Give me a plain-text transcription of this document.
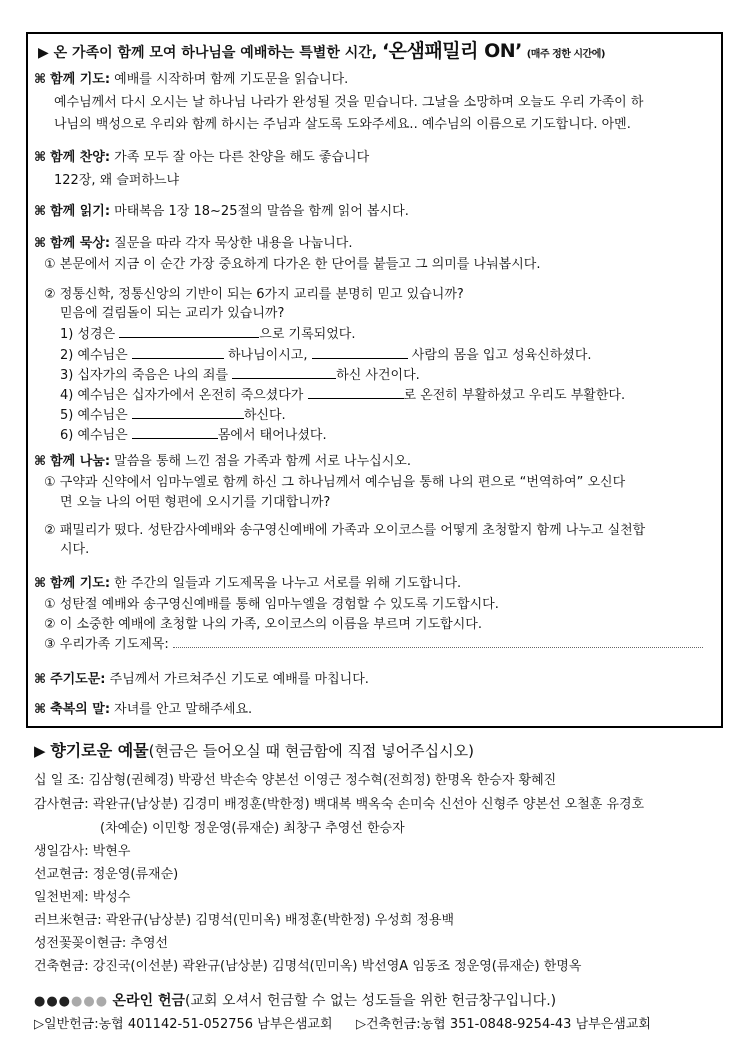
▶ 온 가족이 함께 모여 하나님을 예배하는 특별한 시간, ‘온샘패밀리 ON’ (매주 정한 시간에)
⌘ 함께 기도: 예배를 시작하며 함께 기도문을 읽습니다.
예수님께서 다시 오시는 날 하나님 나라가 완성될 것을 믿습니다. 그날을 소망하며 오늘도 우리 가족이 하
나님의 백성으로 우리와 함께 하시는 주님과 살도록 도와주세요.. 예수님의 이름으로 기도합니다. 아멘.
⌘ 함께 찬양: 가족 모두 잘 아는 다른 찬양을 해도 좋습니다
122장, 왜 슬퍼하느냐
⌘ 함께 읽기: 마태복음 1장 18~25절의 말씀을 함께 읽어 봅시다.
⌘ 함께 묵상: 질문을 따라 각자 묵상한 내용을 나눕니다.
① 본문에서 지금 이 순간 가장 중요하게 다가온 한 단어를 붙들고 그 의미를 나눠봅시다.
② 정통신학, 정통신앙의 기반이 되는 6가지 교리를 분명히 믿고 있습니까?
믿음에 걸림돌이 되는 교리가 있습니까?
1) 성경은	으로 기록되었다.
2) 예수님은	하나님이시고,	사람의 몸을 입고 성육신하셨다.
3) 십자가의 죽음은 나의 죄를	하신 사건이다.
4) 예수님은 십자가에서 온전히 죽으셨다가	로 온전히 부활하셨고 우리도 부활한다.
5) 예수님은	하신다.
6) 예수님은	몸에서 태어나셨다.
⌘ 함께 나눔: 말씀을 통해 느낀 점을 가족과 함께 서로 나누십시오.
① 구약과 신약에서 임마누엘로 함께 하신 그 하나님께서 예수님을 통해 나의 편으로 “번역하여” 오신다
면 오늘 나의 어떤 형편에 오시기를 기대합니까?
② 패밀리가 떴다. 성탄감사예배와 송구영신예배에 가족과 오이코스를 어떻게 초청할지 함께 나누고 실천합
시다.
⌘ 함께 기도: 한 주간의 일들과 기도제목을 나누고 서로를 위해 기도합니다.
① 성탄절 예배와 송구영신예배를 통해 임마누엘을 경험할 수 있도록 기도합시다.
② 이 소중한 예배에 초청할 나의 가족, 오이코스의 이름을 부르며 기도합시다.
③ 우리가족 기도제목:
⌘ 주기도문: 주님께서 가르쳐주신 기도로 예배를 마칩니다.
⌘ 축복의 말: 자녀를 안고 말해주세요.
▶ 향기로운 예물(현금은 들어오실 때 현금함에 직접 넣어주십시오)
십 일 조: 김삼형(권혜경) 박광선 박손숙 양본선 이영근 정수혁(전희정) 한명옥 한승자 황혜진
감사현금: 곽완규(남상분) 김경미 배정훈(박한정) 백대복 백옥숙 손미숙 신선아 신형주 양본선 오철훈 유경호
(차예순) 이민항 정운영(류재순) 최창구 추영선 한승자
생일감사: 박현우
선교현금: 정운영(류재순)
일천번제: 박성수
러브米현금: 곽완규(남상분) 김명석(민미옥) 배정훈(박한정) 우성희 정용백
성전꽃꽂이현금: 추영선
건축현금: 강진국(이선분) 곽완규(남상분) 김명석(민미옥) 박선영A 임동조 정운영(류재순) 한명옥
●●●●●● 온라인 헌금(교회 오셔서 헌금할 수 없는 성도들을 위한 헌금창구입니다.)
▷일반헌금:농협 401142-51-052756 남부은샘교회 ▷건축헌금:농협 351-0848-9254-43 남부은샘교회
